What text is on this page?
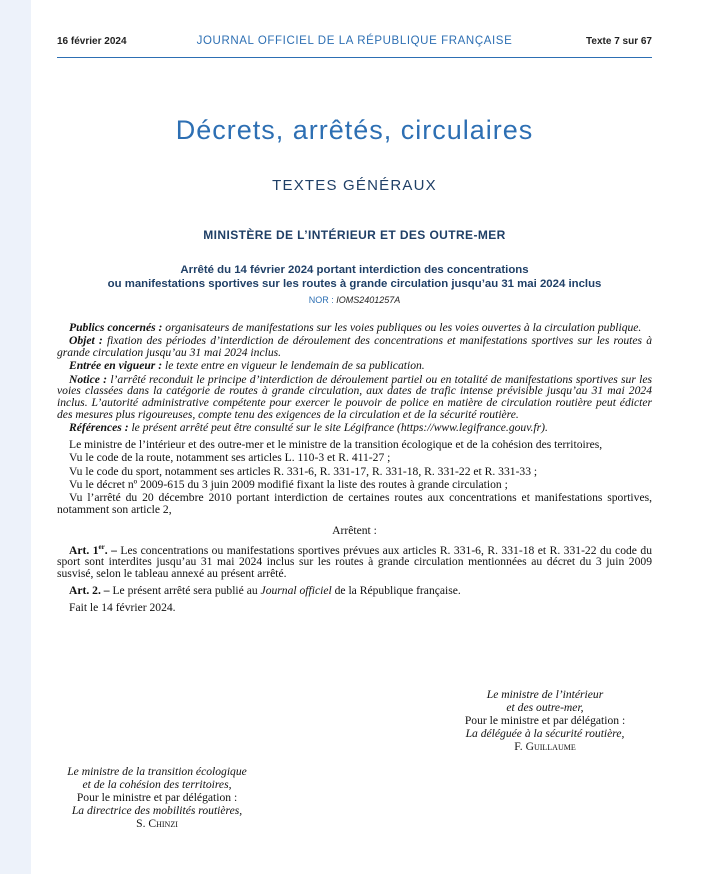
16 février 2024	JOURNAL OFFICIEL DE LA RÉPUBLIQUE FRANÇAISE	Texte 7 sur 67
Décrets, arrêtés, circulaires
TEXTES GÉNÉRAUX
MINISTÈRE DE L’INTÉRIEUR ET DES OUTRE-MER
Arrêté du 14 février 2024 portant interdiction des concentrations
ou manifestations sportives sur les routes à grande circulation jusqu’au 31 mai 2024 inclus
NOR : IOMS2401257A

Publics concernés : organisateurs de manifestations sur les voies publiques ou les voies ouvertes à la circulation publique.

Objet : fixation des périodes d’interdiction de déroulement des concentrations et manifestations sportives sur les routes à grande circulation jusqu’au 31 mai 2024 inclus.

Entrée en vigueur : le texte entre en vigueur le lendemain de sa publication.

Notice : l’arrêté reconduit le principe d’interdiction de déroulement partiel ou en totalité de manifestations sportives sur les voies classées dans la catégorie de routes à grande circulation, aux dates de trafic intense prévisible jusqu’au 31 mai 2024 inclus. L’autorité administrative compétente pour exercer le pouvoir de police en matière de circulation routière peut édicter des mesures plus rigoureuses, compte tenu des exigences de la circulation et de la sécurité routière.

Références : le présent arrêté peut être consulté sur le site Légifrance (https://www.legifrance.gouv.fr).

Le ministre de l’intérieur et des outre-mer et le ministre de la transition écologique et de la cohésion des territoires,

Vu le code de la route, notamment ses articles L. 110-3 et R. 411-27 ;

Vu le code du sport, notamment ses articles R. 331-6, R. 331-17, R. 331-18, R. 331-22 et R. 331-33 ;

Vu le décret nº 2009-615 du 3 juin 2009 modifié fixant la liste des routes à grande circulation ;

Vu l’arrêté du 20 décembre 2010 portant interdiction de certaines routes aux concentrations et manifestations sportives, notamment son article 2,

Arrêtent :

Art. 1er. – Les concentrations ou manifestations sportives prévues aux articles R. 331-6, R. 331-18 et R. 331-22 du code du sport sont interdites jusqu’au 31 mai 2024 inclus sur les routes à grande circulation mentionnées au décret du 3 juin 2009 susvisé, selon le tableau annexé au présent arrêté.

Art. 2. – Le présent arrêté sera publié au Journal officiel de la République française.

Fait le 14 février 2024.

Le ministre de l’intérieur
et des outre-mer,
Pour le ministre et par délégation :
La déléguée à la sécurité routière,
F. Guillaume
Le ministre de la transition écologique
et de la cohésion des territoires,
Pour le ministre et par délégation :
La directrice des mobilités routières,
S. Chinzi
